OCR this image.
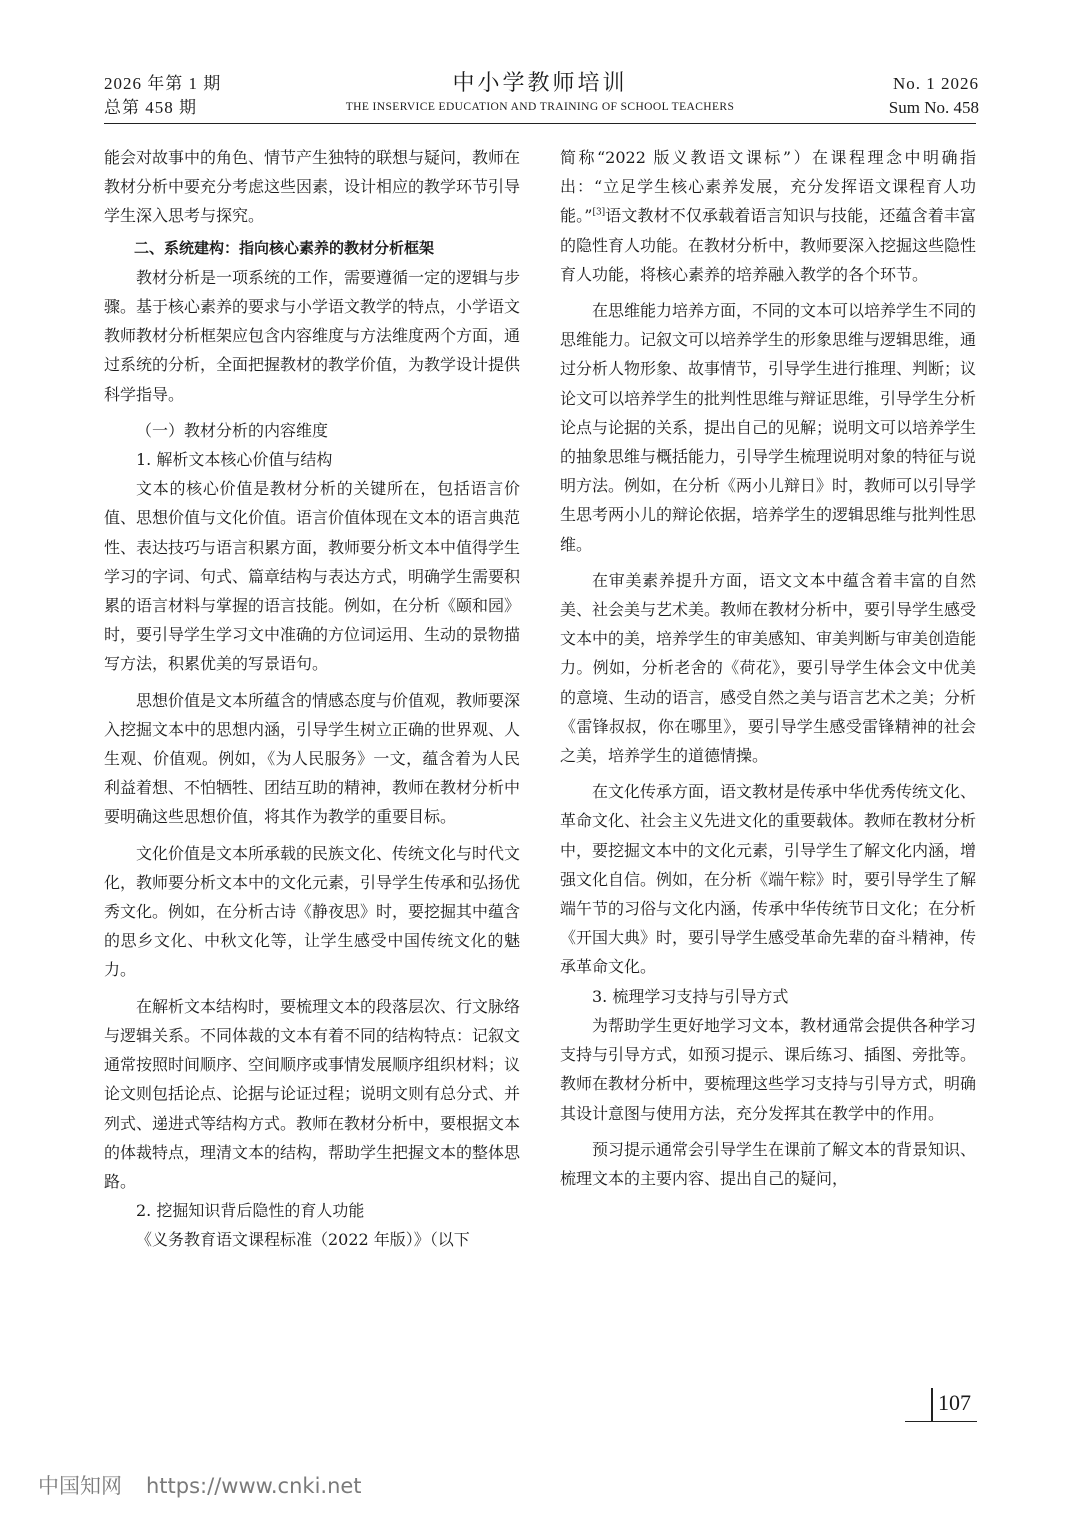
2026 年第 1 期
总第 458 期
中小学教师培训
THE INSERVICE EDUCATION AND TRAINING OF SCHOOL TEACHERS
No. 1 2026
Sum No. 458

能会对故事中的角色、情节产生独特的联想与疑问，教师在教材分析中要充分考虑这些因素，设计相应的教学环节引导学生深入思考与探究。

二、系统建构：指向核心素养的教材分析框架

教材分析是一项系统的工作，需要遵循一定的逻辑与步骤。基于核心素养的要求与小学语文教学的特点，小学语文教师教材分析框架应包含内容维度与方法维度两个方面，通过系统的分析，全面把握教材的教学价值，为教学设计提供科学指导。

（一）教材分析的内容维度

1. 解析文本核心价值与结构

文本的核心价值是教材分析的关键所在，包括语言价值、思想价值与文化价值。语言价值体现在文本的语言典范性、表达技巧与语言积累方面，教师要分析文本中值得学生学习的字词、句式、篇章结构与表达方式，明确学生需要积累的语言材料与掌握的语言技能。例如，在分析《颐和园》时，要引导学生学习文中准确的方位词运用、生动的景物描写方法，积累优美的写景语句。

思想价值是文本所蕴含的情感态度与价值观，教师要深入挖掘文本中的思想内涵，引导学生树立正确的世界观、人生观、价值观。例如，《为人民服务》一文，蕴含着为人民利益着想、不怕牺牲、团结互助的精神，教师在教材分析中要明确这些思想价值，将其作为教学的重要目标。

文化价值是文本所承载的民族文化、传统文化与时代文化，教师要分析文本中的文化元素，引导学生传承和弘扬优秀文化。例如，在分析古诗《静夜思》时，要挖掘其中蕴含的思乡文化、中秋文化等，让学生感受中国传统文化的魅力。

在解析文本结构时，要梳理文本的段落层次、行文脉络与逻辑关系。不同体裁的文本有着不同的结构特点：记叙文通常按照时间顺序、空间顺序或事情发展顺序组织材料；议论文则包括论点、论据与论证过程；说明文则有总分式、并列式、递进式等结构方式。教师在教材分析中，要根据文本的体裁特点，理清文本的结构，帮助学生把握文本的整体思路。

2. 挖掘知识背后隐性的育人功能

《义务教育语文课程标准（2022 年版）》（以下

简称“2022 版义教语文课标”）在课程理念中明确指出：“立足学生核心素养发展，充分发挥语文课程育人功能。”[3]语文教材不仅承载着语言知识与技能，还蕴含着丰富的隐性育人功能。在教材分析中，教师要深入挖掘这些隐性育人功能，将核心素养的培养融入教学的各个环节。

在思维能力培养方面，不同的文本可以培养学生不同的思维能力。记叙文可以培养学生的形象思维与逻辑思维，通过分析人物形象、故事情节，引导学生进行推理、判断；议论文可以培养学生的批判性思维与辩证思维，引导学生分析论点与论据的关系，提出自己的见解；说明文可以培养学生的抽象思维与概括能力，引导学生梳理说明对象的特征与说明方法。例如，在分析《两小儿辩日》时，教师可以引导学生思考两小儿的辩论依据，培养学生的逻辑思维与批判性思维。

在审美素养提升方面，语文文本中蕴含着丰富的自然美、社会美与艺术美。教师在教材分析中，要引导学生感受文本中的美，培养学生的审美感知、审美判断与审美创造能力。例如，分析老舍的《荷花》，要引导学生体会文中优美的意境、生动的语言，感受自然之美与语言艺术之美；分析《雷锋叔叔，你在哪里》，要引导学生感受雷锋精神的社会之美，培养学生的道德情操。

在文化传承方面，语文教材是传承中华优秀传统文化、革命文化、社会主义先进文化的重要载体。教师在教材分析中，要挖掘文本中的文化元素，引导学生了解文化内涵，增强文化自信。例如，在分析《端午粽》时，要引导学生了解端午节的习俗与文化内涵，传承中华传统节日文化；在分析《开国大典》时，要引导学生感受革命先辈的奋斗精神，传承革命文化。

3. 梳理学习支持与引导方式

为帮助学生更好地学习文本，教材通常会提供各种学习支持与引导方式，如预习提示、课后练习、插图、旁批等。教师在教材分析中，要梳理这些学习支持与引导方式，明确其设计意图与使用方法，充分发挥其在教学中的作用。

预习提示通常会引导学生在课前了解文本的背景知识、梳理文本的主要内容、提出自己的疑问，

107
中国知网 https://www.cnki.net
